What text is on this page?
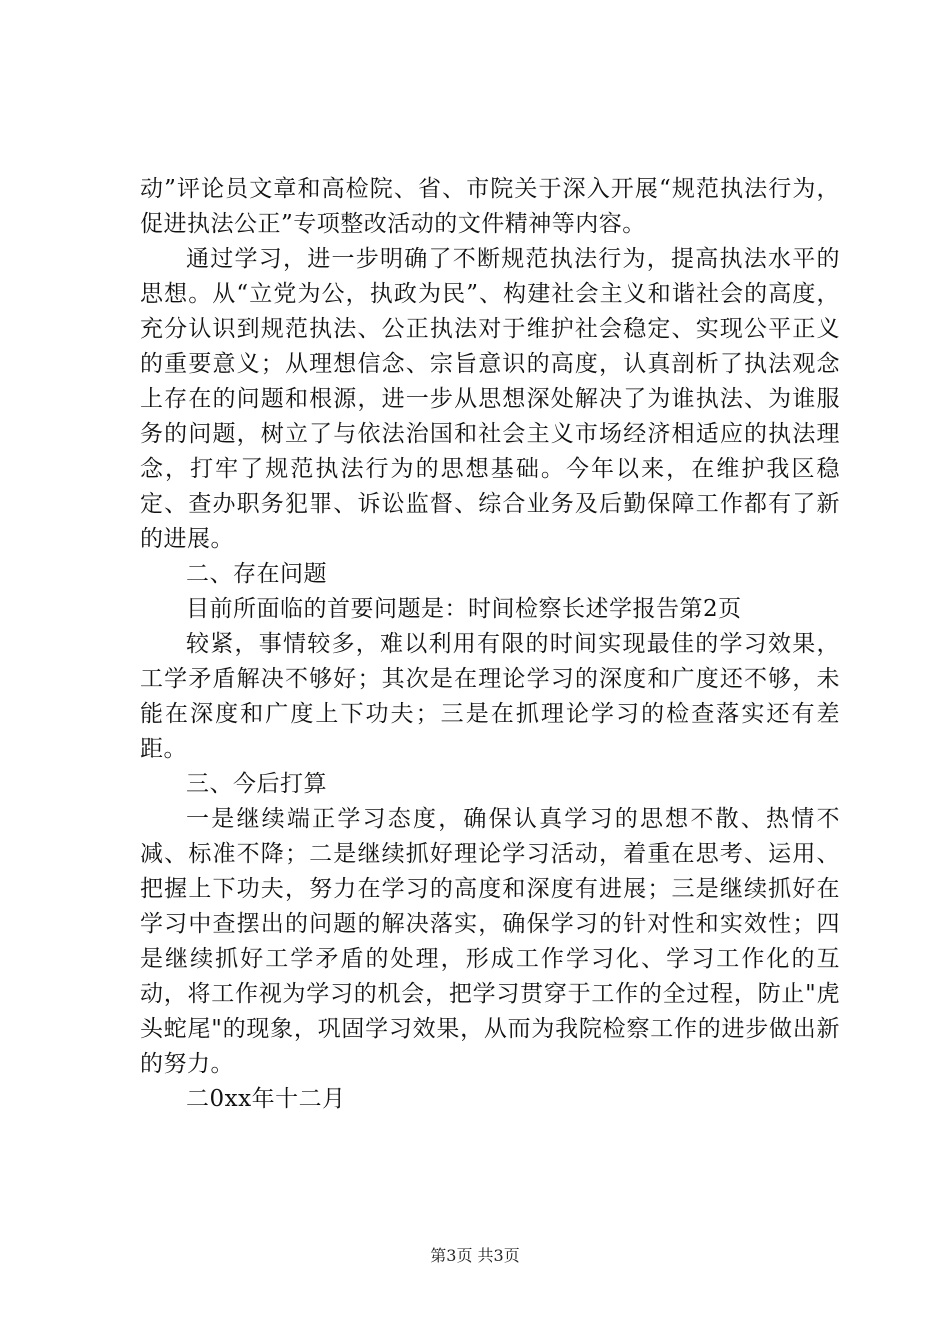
动”评论员文章和高检院、省、市院关于深入开展“规范执法行为，促进执法公正”专项整改活动的文件精神等内容。

通过学习，进一步明确了不断规范执法行为，提高执法水平的思想。从“立党为公，执政为民”、构建社会主义和谐社会的高度，充分认识到规范执法、公正执法对于维护社会稳定、实现公平正义的重要意义；从理想信念、宗旨意识的高度，认真剖析了执法观念上存在的问题和根源，进一步从思想深处解决了为谁执法、为谁服务的问题，树立了与依法治国和社会主义市场经济相适应的执法理念，打牢了规范执法行为的思想基础。今年以来，在维护我区稳定、查办职务犯罪、诉讼监督、综合业务及后勤保障工作都有了新的进展。

二、存在问题

目前所面临的首要问题是：时间检察长述学报告第2页

较紧，事情较多，难以利用有限的时间实现最佳的学习效果，工学矛盾解决不够好；其次是在理论学习的深度和广度还不够，未能在深度和广度上下功夫；三是在抓理论学习的检查落实还有差距。

三、今后打算

一是继续端正学习态度，确保认真学习的思想不散、热情不减、标准不降；二是继续抓好理论学习活动，着重在思考、运用、把握上下功夫，努力在学习的高度和深度有进展；三是继续抓好在学习中查摆出的问题的解决落实，确保学习的针对性和实效性；四是继续抓好工学矛盾的处理，形成工作学习化、学习工作化的互动，将工作视为学习的机会，把学习贯穿于工作的全过程，防止"虎头蛇尾"的现象，巩固学习效果，从而为我院检察工作的进步做出新的努力。

二0xx年十二月

第3页 共3页
